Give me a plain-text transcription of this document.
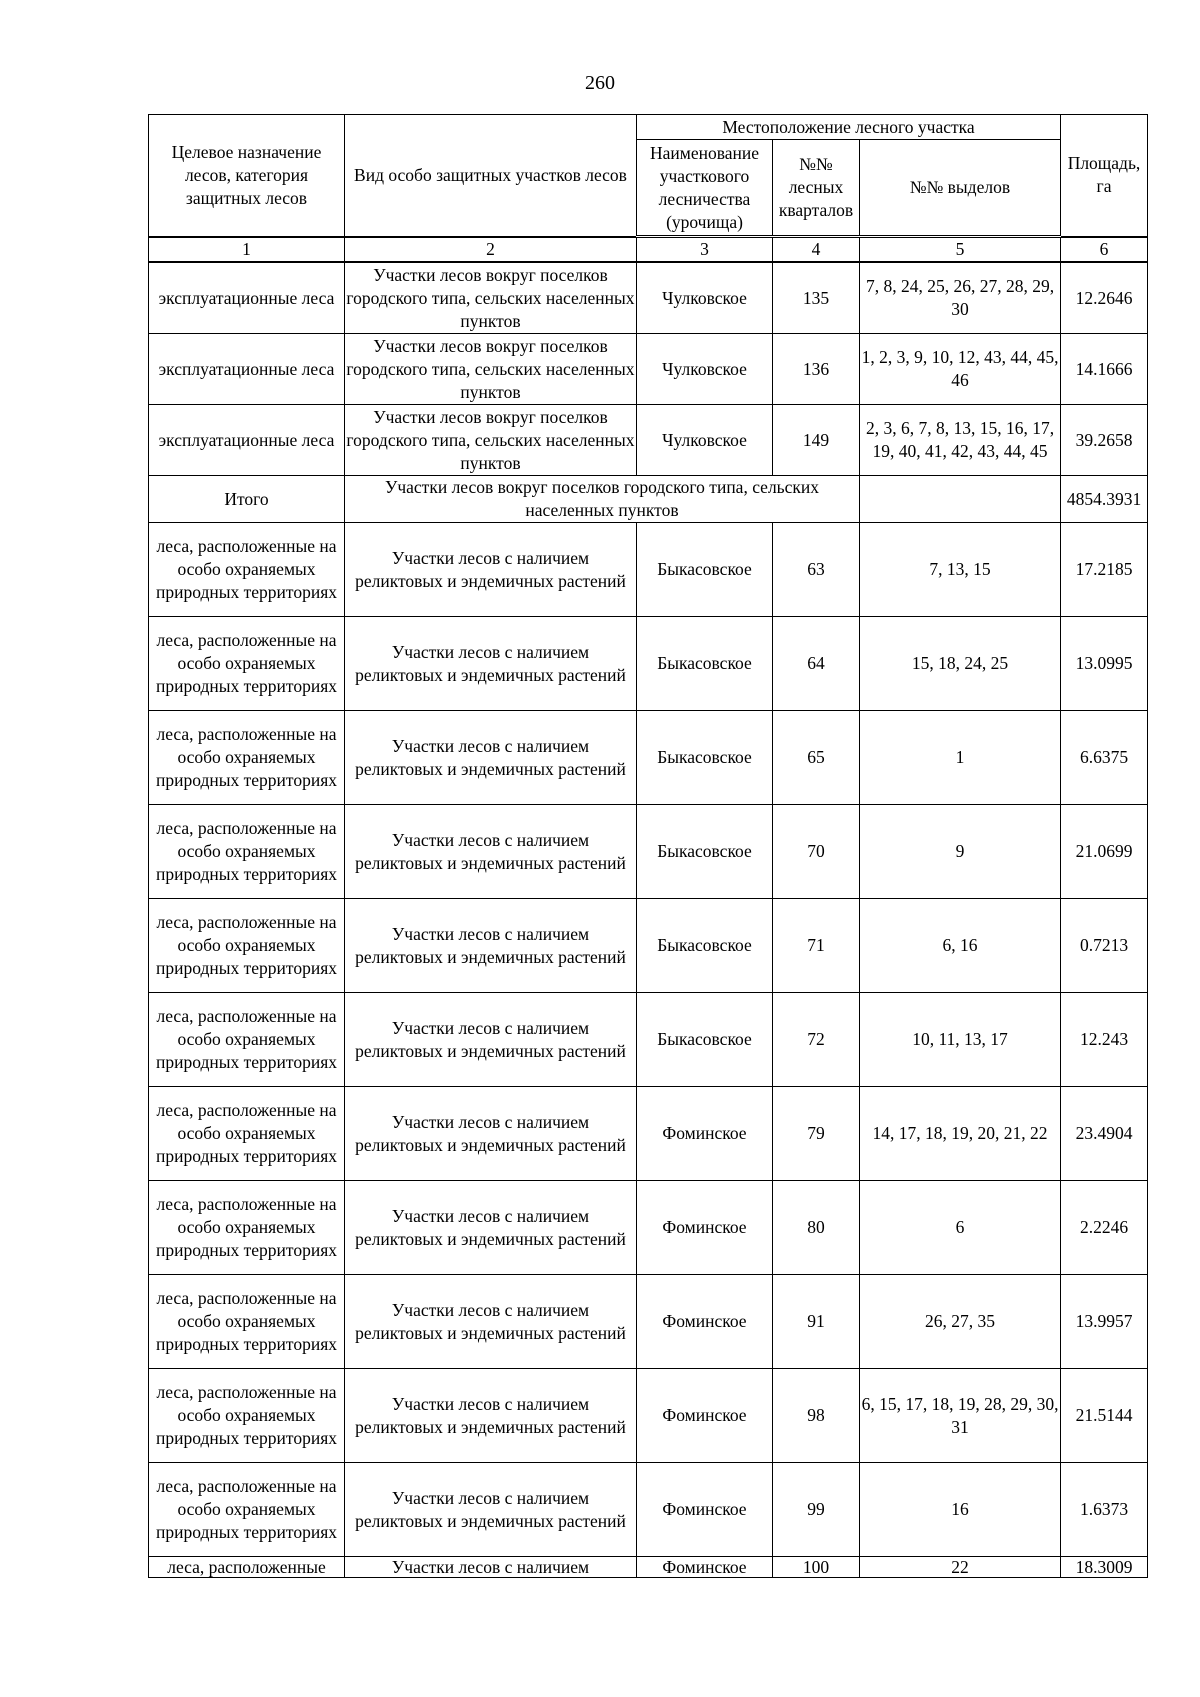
260
Целевое назначение лесов, категория защитных лесов	Вид особо защитных участков лесов	Местоположение лесного участка			Площадь, га
		Наименование участкового лесничества (урочища)	№№ лесных кварталов	№№ выделов	
1	2	3	4	5	6
эксплуатационные леса	Участки лесов вокруг поселков городского типа, сельских населенных пунктов	Чулковское	135	7, 8, 24, 25, 26, 27, 28, 29, 30	12.2646
эксплуатационные леса	Участки лесов вокруг поселков городского типа, сельских населенных пунктов	Чулковское	136	1, 2, 3, 9, 10, 12, 43, 44, 45, 46	14.1666
эксплуатационные леса	Участки лесов вокруг поселков городского типа, сельских населенных пунктов	Чулковское	149	2, 3, 6, 7, 8, 13, 15, 16, 17, 19, 40, 41, 42, 43, 44, 45	39.2658
Итого	Участки лесов вокруг поселков городского типа, сельских населенных пунктов				4854.3931
леса, расположенные на особо охраняемых природных территориях	Участки лесов с наличием реликтовых и эндемичных растений	Быкасовское	63	7, 13, 15	17.2185
леса, расположенные на особо охраняемых природных территориях	Участки лесов с наличием реликтовых и эндемичных растений	Быкасовское	64	15, 18, 24, 25	13.0995
леса, расположенные на особо охраняемых природных территориях	Участки лесов с наличием реликтовых и эндемичных растений	Быкасовское	65	1	6.6375
леса, расположенные на особо охраняемых природных территориях	Участки лесов с наличием реликтовых и эндемичных растений	Быкасовское	70	9	21.0699
леса, расположенные на особо охраняемых природных территориях	Участки лесов с наличием реликтовых и эндемичных растений	Быкасовское	71	6, 16	0.7213
леса, расположенные на особо охраняемых природных территориях	Участки лесов с наличием реликтовых и эндемичных растений	Быкасовское	72	10, 11, 13, 17	12.243
леса, расположенные на особо охраняемых природных территориях	Участки лесов с наличием реликтовых и эндемичных растений	Фоминское	79	14, 17, 18, 19, 20, 21, 22	23.4904
леса, расположенные на особо охраняемых природных территориях	Участки лесов с наличием реликтовых и эндемичных растений	Фоминское	80	6	2.2246
леса, расположенные на особо охраняемых природных территориях	Участки лесов с наличием реликтовых и эндемичных растений	Фоминское	91	26, 27, 35	13.9957
леса, расположенные на особо охраняемых природных территориях	Участки лесов с наличием реликтовых и эндемичных растений	Фоминское	98	6, 15, 17, 18, 19, 28, 29, 30, 31	21.5144
леса, расположенные на особо охраняемых природных территориях	Участки лесов с наличием реликтовых и эндемичных растений	Фоминское	99	16	1.6373
леса, расположенные	Участки лесов с наличием	Фоминское	100	22	18.3009
